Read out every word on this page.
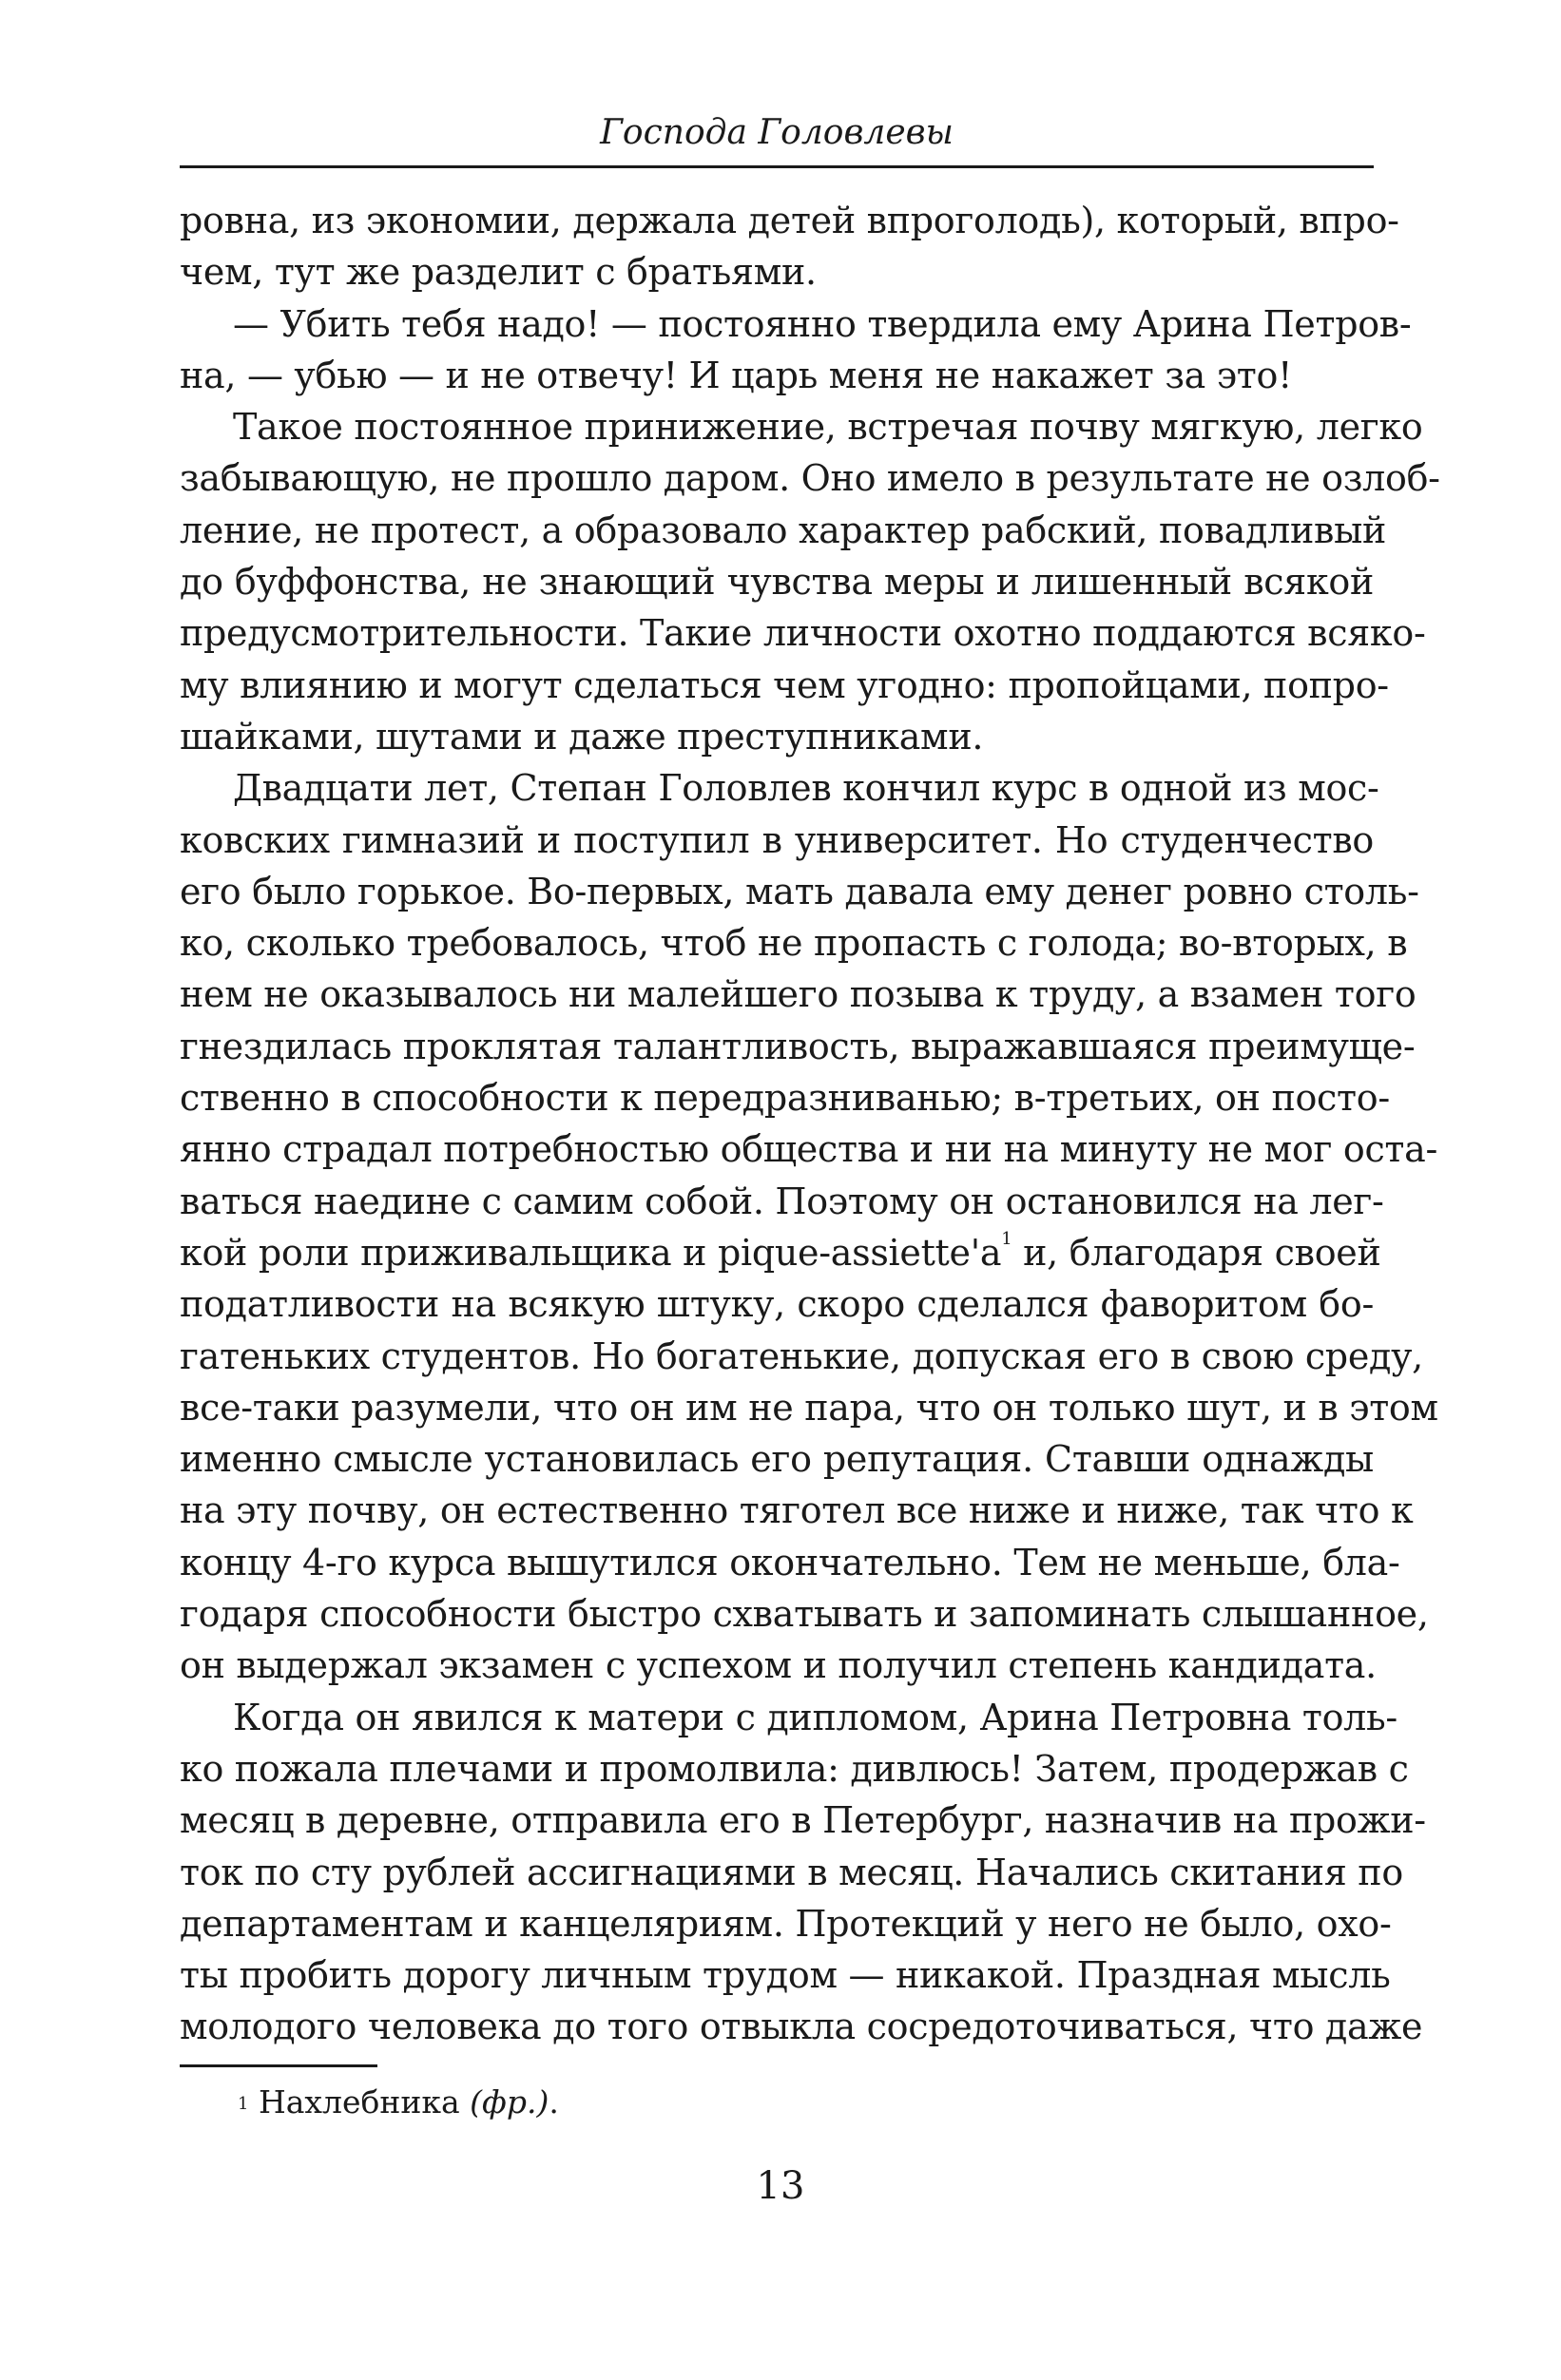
Господа Головлевы
ровна, из экономии, держала детей впроголодь), который, впро-
чем, тут же разделит с братьями.
— Убить тебя надо! — постоянно твердила ему Арина Петров-
на, — убью — и не отвечу! И царь меня не накажет за это!
Такое постоянное принижение, встречая почву мягкую, легко
забывающую, не прошло даром. Оно имело в результате не озлоб-
ление, не протест, а образовало характер рабский, повадливый
до буффонства, не знающий чувства меры и лишенный всякой
предусмотрительности. Такие личности охотно поддаются всяко-
му влиянию и могут сделаться чем угодно: пропойцами, попро-
шайками, шутами и даже преступниками.
Двадцати лет, Степан Головлев кончил курс в одной из мос-
ковских гимназий и поступил в университет. Но студенчество
его было горькое. Во-первых, мать давала ему денег ровно столь-
ко, сколько требовалось, чтоб не пропасть с голода; во-вторых, в
нем не оказывалось ни малейшего позыва к труду, а взамен того
гнездилась проклятая талантливость, выражавшаяся преимуще-
ственно в способности к передразниванью; в-третьих, он посто-
янно страдал потребностью общества и ни на минуту не мог оста-
ваться наедине с самим собой. Поэтому он остановился на лег-
кой роли приживальщика и pique-assiette'а$^1$ и, благодаря своей
податливости на всякую штуку, скоро сделался фаворитом бо-
гатеньких студентов. Но богатенькие, допуская его в свою среду,
все-таки разумели, что он им не пара, что он только шут, и в этом
именно смысле установилась его репутация. Ставши однажды
на эту почву, он естественно тяготел все ниже и ниже, так что к
концу 4-го курса вышутился окончательно. Тем не меньше, бла-
годаря способности быстро схватывать и запоминать слышанное,
он выдержал экзамен с успехом и получил степень кандидата.
Когда он явился к матери с дипломом, Арина Петровна толь-
ко пожала плечами и промолвила: дивлюсь! Затем, продержав с
месяц в деревне, отправила его в Петербург, назначив на прожи-
ток по сту рублей ассигнациями в месяц. Начались скитания по
департаментам и канцеляриям. Протекций у него не было, охо-
ты пробить дорогу личным трудом — никакой. Праздная мысль
молодого человека до того отвыкла сосредоточиваться, что даже

$^1$ Нахлебника (фр.).

13
